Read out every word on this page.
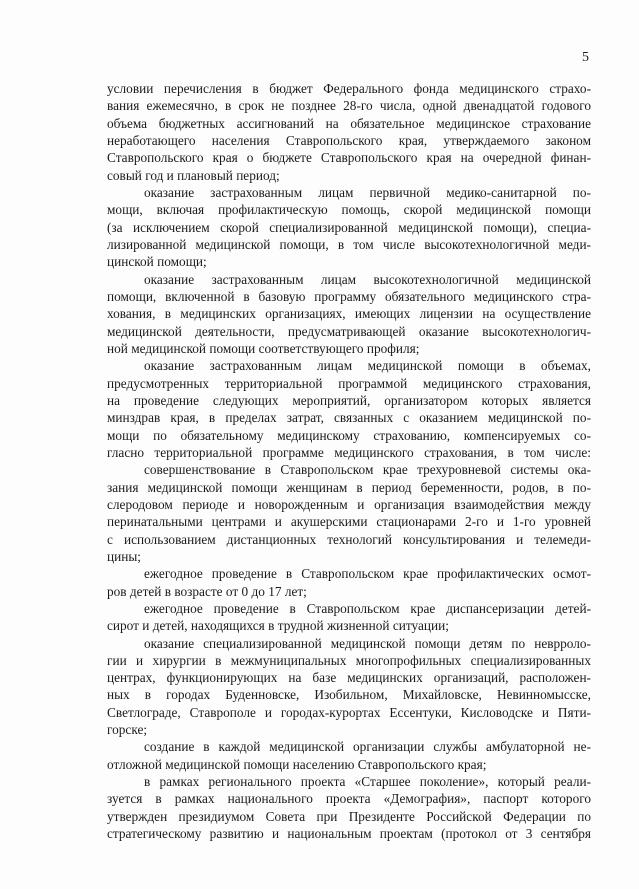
5
условии перечисления в бюджет Федерального фонда медицинского страхо-
вания ежемесячно, в срок не позднее 28-го числа, одной двенадцатой годового
объема бюджетных ассигнований на обязательное медицинское страхование
неработающего населения Ставропольского края, утверждаемого законом
Ставропольского края о бюджете Ставропольского края на очередной финан-
совый год и плановый период;
оказание застрахованным лицам первичной медико-санитарной по-
мощи, включая профилактическую помощь, скорой медицинской помощи
(за исключением скорой специализированной медицинской помощи), специа-
лизированной медицинской помощи, в том числе высокотехнологичной меди-
цинской помощи;
оказание застрахованным лицам высокотехнологичной медицинской
помощи, включенной в базовую программу обязательного медицинского стра-
хования, в медицинских организациях, имеющих лицензии на осуществление
медицинской деятельности, предусматривающей оказание высокотехнологич-
ной медицинской помощи соответствующего профиля;
оказание застрахованным лицам медицинской помощи в объемах,
предусмотренных территориальной программой медицинского страхования,
на проведение следующих мероприятий, организатором которых является
минздрав края, в пределах затрат, связанных с оказанием медицинской по-
мощи по обязательному медицинскому страхованию, компенсируемых со-
гласно территориальной программе медицинского страхования, в том числе:
совершенствование в Ставропольском крае трехуровневой системы ока-
зания медицинской помощи женщинам в период беременности, родов, в по-
слеродовом периоде и новорожденным и организация взаимодействия между
перинатальными центрами и акушерскими стационарами 2-го и 1-го уровней
с использованием дистанционных технологий консультирования и телемеди-
цины;
ежегодное проведение в Ставропольском крае профилактических осмот-
ров детей в возрасте от 0 до 17 лет;
ежегодное проведение в Ставропольском крае диспансеризации детей-
сирот и детей, находящихся в трудной жизненной ситуации;
оказание специализированной медицинской помощи детям по неврроло-
гии и хирургии в межмуниципальных многопрофильных специализированных
центрах, функционирующих на базе медицинских организаций, расположен-
ных в городах Буденновске, Изобильном, Михайловске, Невинномысске,
Светлограде, Ставрополе и городах-курортах Ессентуки, Кисловодске и Пяти-
горске;
создание в каждой медицинской организации службы амбулаторной не-
отложной медицинской помощи населению Ставропольского края;
в рамках регионального проекта «Старшее поколение», который реали-
зуется в рамках национального проекта «Демография», паспорт которого
утвержден президиумом Совета при Президенте Российской Федерации по
стратегическому развитию и национальным проектам (протокол от 3 сентября
